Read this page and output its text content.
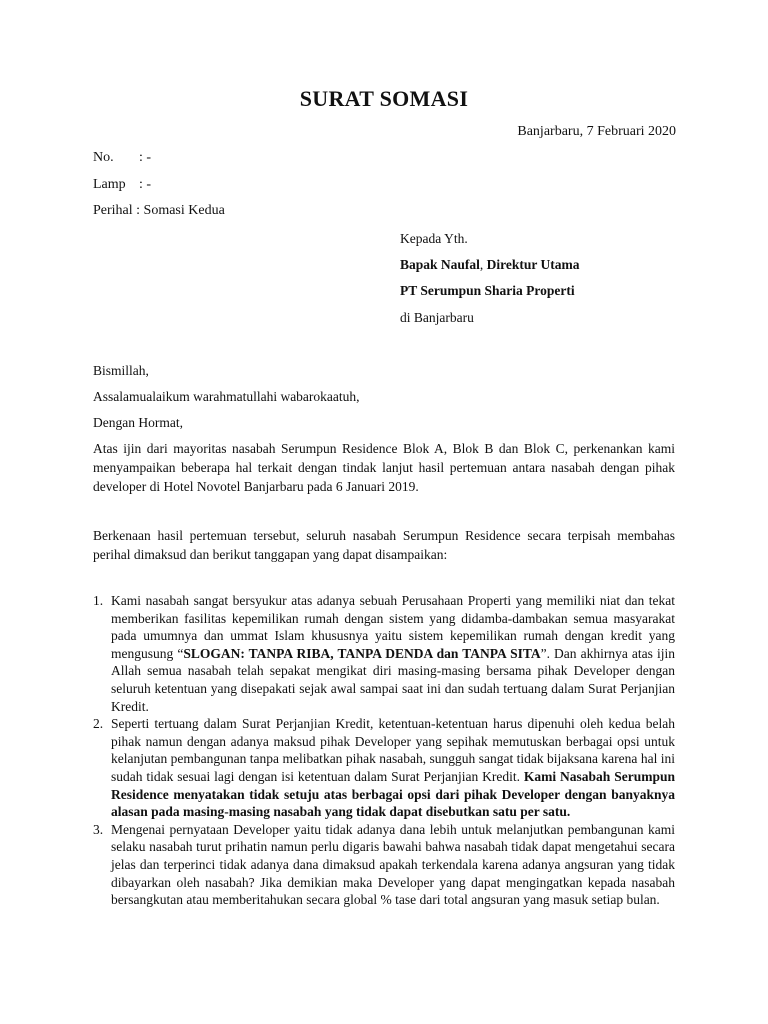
SURAT SOMASI
Banjarbaru, 7 Februari 2020
No. : -
Lamp : -
Perihal : Somasi Kedua
Kepada Yth.
Bapak Naufal, Direktur Utama
PT Serumpun Sharia Properti
di Banjarbaru
Bismillah,
Assalamualaikum warahmatullahi wabarokaatuh,
Dengan Hormat,
Atas ijin dari mayoritas nasabah Serumpun Residence Blok A, Blok B dan Blok C, perkenankan kami menyampaikan beberapa hal terkait dengan tindak lanjut hasil pertemuan antara nasabah dengan pihak developer di Hotel Novotel Banjarbaru pada 6 Januari 2019.
Berkenaan hasil pertemuan tersebut, seluruh nasabah Serumpun Residence secara terpisah membahas perihal dimaksud dan berikut tanggapan yang dapat disampaikan:
1. Kami nasabah sangat bersyukur atas adanya sebuah Perusahaan Properti yang memiliki niat dan tekat memberikan fasilitas kepemilikan rumah dengan sistem yang didamba-dambakan semua masyarakat pada umumnya dan ummat Islam khususnya yaitu sistem kepemilikan rumah dengan kredit yang mengusung “SLOGAN: TANPA RIBA, TANPA DENDA dan TANPA SITA”. Dan akhirnya atas ijin Allah semua nasabah telah sepakat mengikat diri masing-masing bersama pihak Developer dengan seluruh ketentuan yang disepakati sejak awal sampai saat ini dan sudah tertuang dalam Surat Perjanjian Kredit.
2. Seperti tertuang dalam Surat Perjanjian Kredit, ketentuan-ketentuan harus dipenuhi oleh kedua belah pihak namun dengan adanya maksud pihak Developer yang sepihak memutuskan berbagai opsi untuk kelanjutan pembangunan tanpa melibatkan pihak nasabah, sungguh sangat tidak bijaksana karena hal ini sudah tidak sesuai lagi dengan isi ketentuan dalam Surat Perjanjian Kredit. Kami Nasabah Serumpun Residence menyatakan tidak setuju atas berbagai opsi dari pihak Developer dengan banyaknya alasan pada masing-masing nasabah yang tidak dapat disebutkan satu per satu.
3. Mengenai pernyataan Developer yaitu tidak adanya dana lebih untuk melanjutkan pembangunan kami selaku nasabah turut prihatin namun perlu digaris bawahi bahwa nasabah tidak dapat mengetahui secara jelas dan terperinci tidak adanya dana dimaksud apakah terkendala karena adanya angsuran yang tidak dibayarkan oleh nasabah? Jika demikian maka Developer yang dapat mengingatkan kepada nasabah bersangkutan atau memberitahukan secara global % tase dari total angsuran yang masuk setiap bulan.
